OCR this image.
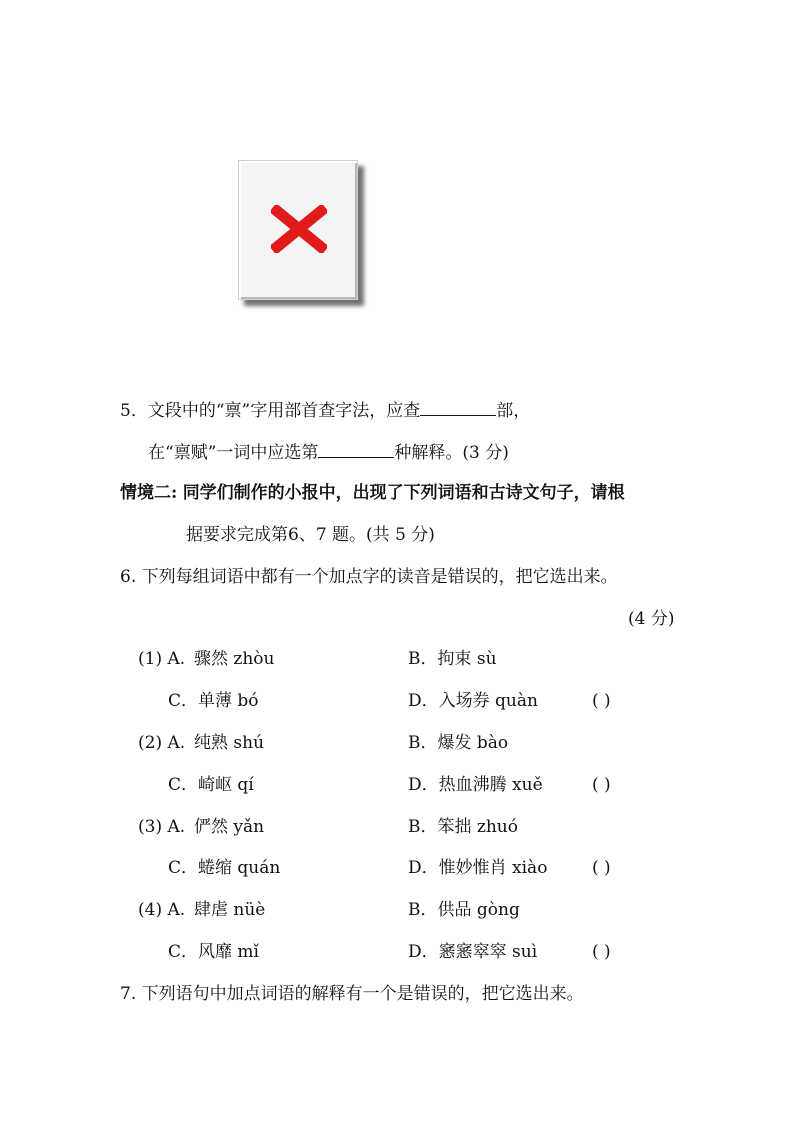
5．文段中的“禀”字用部首查字法，应查	部，
在“禀赋”一词中应选第	种解释。(3 分)
情境二: 同学们制作的小报中，出现了下列词语和古诗文句子，请根
据要求完成第6、7 题。(共 5 分)
6. 下列每组词语中都有一个加点字的读音是错误的，把它选出来。
(4 分)
(1) A. 骤然 zhòu	B．拘束 sù
C．单薄 bó	D．入场券 quàn	( )
(2) A. 纯熟 shú	B．爆发 bào
C．崎岖 qí	D．热血沸腾 xuě	( )
(3) A. 俨然 yǎn	B．笨拙 zhuó
C．蜷缩 quán	D．惟妙惟肖 xiào	( )
(4) A. 肆虐 nüè	B．供品 gòng
C．风靡 mǐ	D．窸窸窣窣 suì	( )
7. 下列语句中加点词语的解释有一个是错误的，把它选出来。
